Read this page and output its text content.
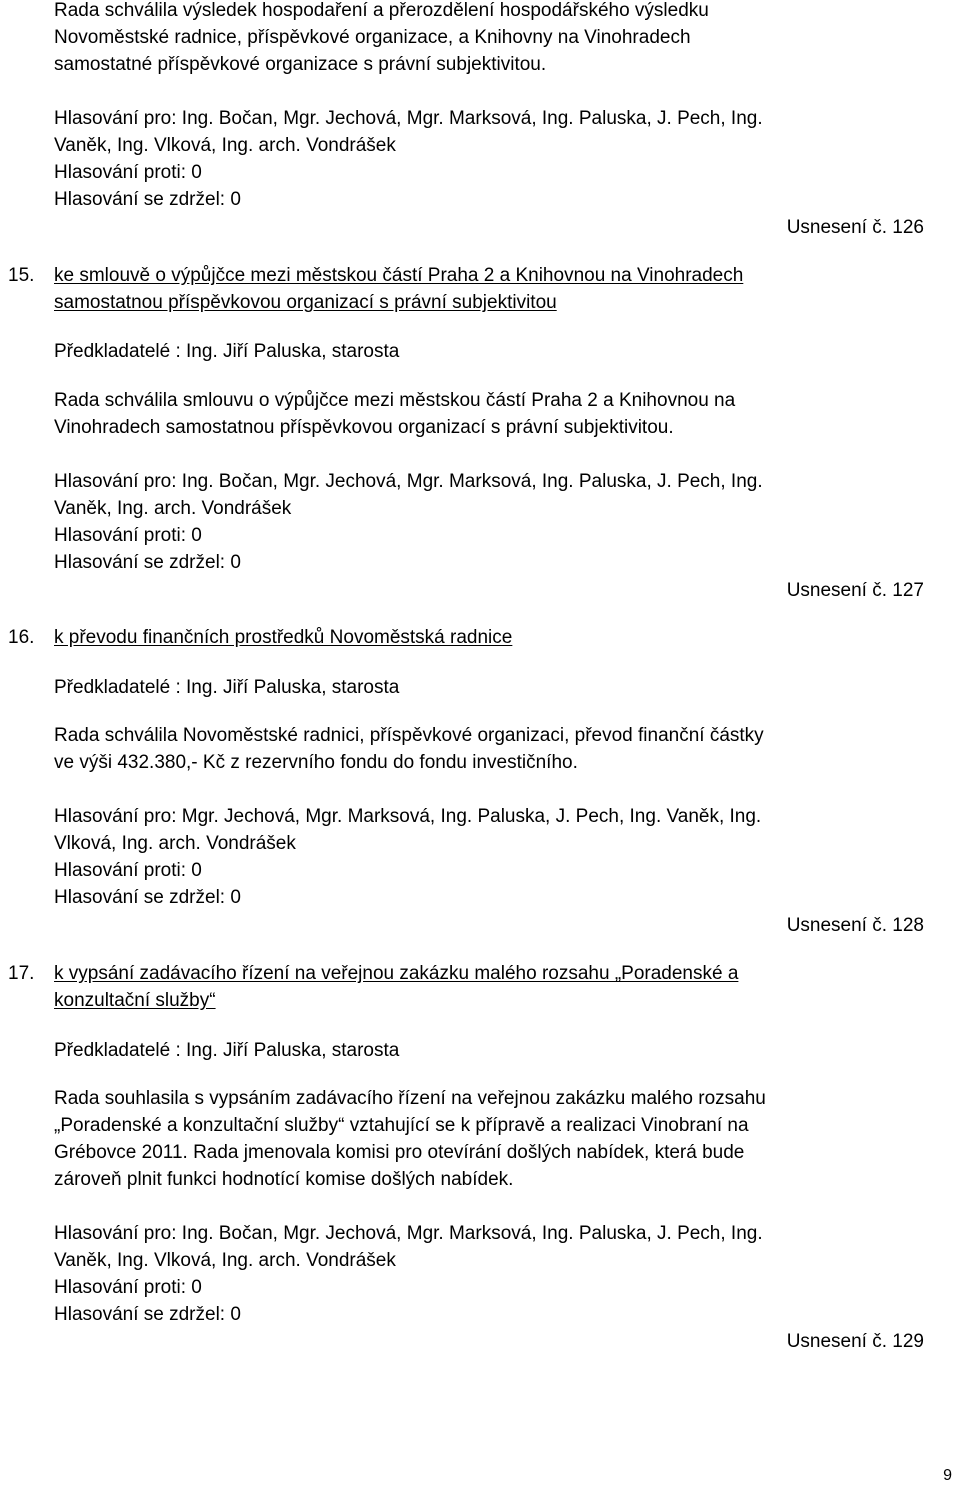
Rada schválila výsledek hospodaření a přerozdělení hospodářského výsledku
Novoměstské radnice, příspěvkové organizace, a Knihovny na Vinohradech
samostatné příspěvkové organizace s právní subjektivitou.
Hlasování pro: Ing. Bočan, Mgr. Jechová, Mgr. Marksová, Ing. Paluska, J. Pech, Ing.
Vaněk, Ing. Vlková, Ing. arch. Vondrášek
Hlasování proti: 0
Hlasování se zdržel: 0
Usnesení č. 126
15. ke smlouvě o výpůjčce mezi městskou částí Praha 2 a Knihovnou na Vinohradech
samostatnou příspěvkovou organizací s právní subjektivitou
Předkladatelé : Ing. Jiří Paluska, starosta
Rada schválila smlouvu o výpůjčce mezi městskou částí Praha 2 a Knihovnou na
Vinohradech samostatnou příspěvkovou organizací s právní subjektivitou.
Hlasování pro: Ing. Bočan, Mgr. Jechová, Mgr. Marksová, Ing. Paluska, J. Pech, Ing.
Vaněk, Ing. arch. Vondrášek
Hlasování proti: 0
Hlasování se zdržel: 0
Usnesení č. 127
16. k převodu finančních prostředků Novoměstská radnice
Předkladatelé : Ing. Jiří Paluska, starosta
Rada schválila Novoměstské radnici, příspěvkové organizaci, převod finanční částky
ve výši 432.380,- Kč z rezervního fondu do fondu investičního.
Hlasování pro: Mgr. Jechová, Mgr. Marksová, Ing. Paluska, J. Pech, Ing. Vaněk, Ing.
Vlková, Ing. arch. Vondrášek
Hlasování proti: 0
Hlasování se zdržel: 0
Usnesení č. 128
17. k vypsání zadávacího řízení na veřejnou zakázku malého rozsahu „Poradenské a
konzultační služby“
Předkladatelé : Ing. Jiří Paluska, starosta
Rada souhlasila s vypsáním zadávacího řízení na veřejnou zakázku malého rozsahu
„Poradenské a konzultační služby“ vztahující se k přípravě a realizaci Vinobraní na
Grébovce 2011. Rada jmenovala komisi pro otevírání došlých nabídek, která bude
zároveň plnit funkci hodnotící komise došlých nabídek.
Hlasování pro: Ing. Bočan, Mgr. Jechová, Mgr. Marksová, Ing. Paluska, J. Pech, Ing.
Vaněk, Ing. Vlková, Ing. arch. Vondrášek
Hlasování proti: 0
Hlasování se zdržel: 0
Usnesení č. 129
9
